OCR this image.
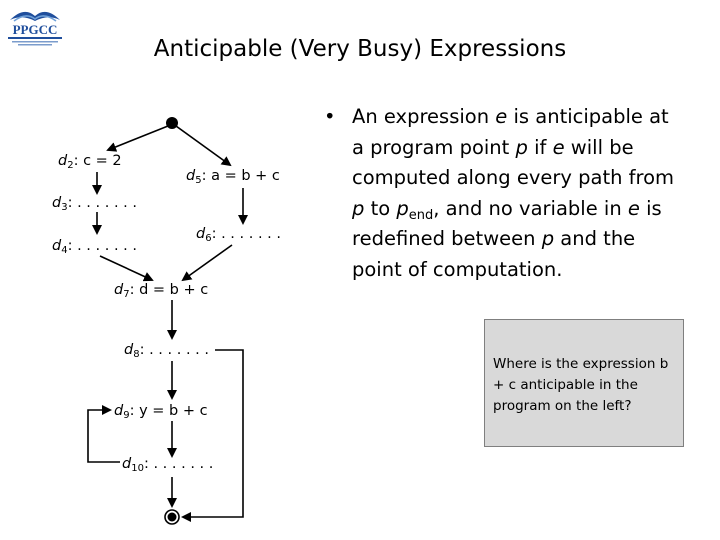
PPGCC
Anticipable (Very Busy) Expressions
$d_2$: c = 2
$d_3$: . . . . . . .
$d_4$: . . . . . . .
$d_5$: a = b + c
$d_6$: . . . . . . .
$d_7$: d = b + c
$d_8$: . . . . . . .
$d_9$: y = b + c
$d_{10}$: . . . . . . .
• An expression e is anticipable at a program point p if e will be computed along every path from p to $p_{end}$, and no variable in e is redefined between p and the point of computation.
Where is the expression b + c anticipable in the program on the left?
